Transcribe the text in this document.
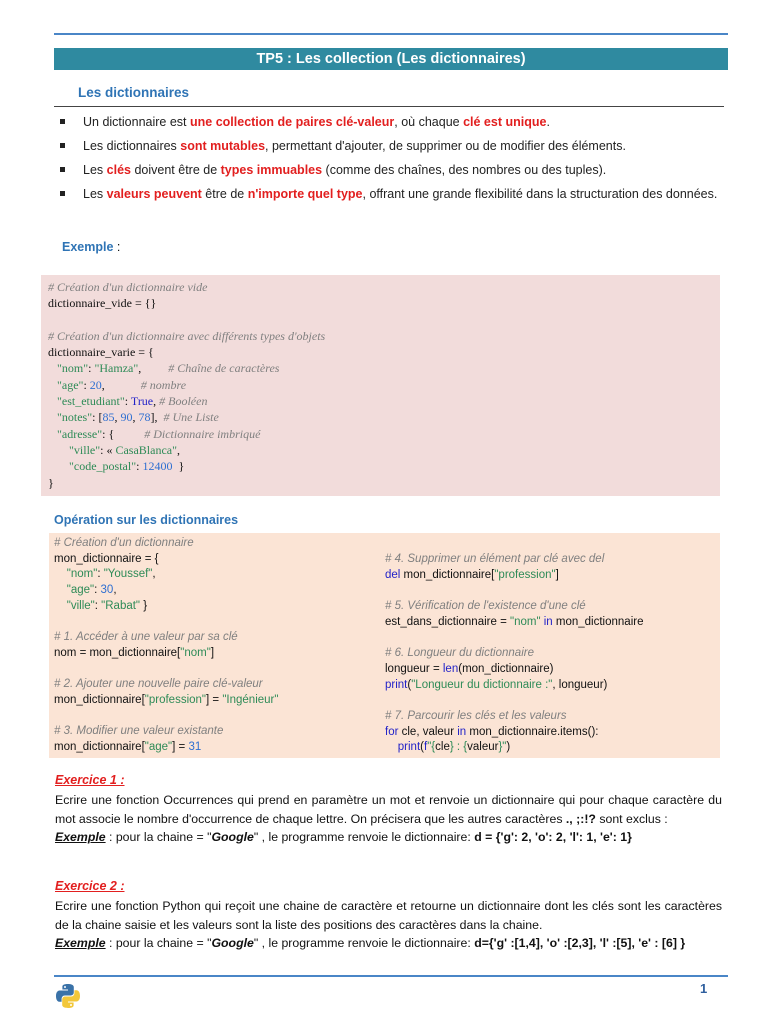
TP5 : Les collection (Les dictionnaires)
Les dictionnaires
Un dictionnaire est une collection de paires clé-valeur, où chaque clé est unique.
Les dictionnaires sont mutables, permettant d'ajouter, de supprimer ou de modifier des éléments.
Les clés doivent être de types immuables (comme des chaînes, des nombres ou des tuples).
Les valeurs peuvent être de n'importe quel type, offrant une grande flexibilité dans la structuration des données.
Exemple :
# Création d'un dictionnaire vide
dictionnaire_vide = {}
# Création d'un dictionnaire avec différents types d'objets
dictionnaire_varie = {
"nom": "Hamza",         # Chaîne de caractères
"age": 20,            # nombre
"est_etudiant": True, # Booléen
"notes": [85, 90, 78],  # Une Liste
"adresse": {          # Dictionnaire imbriqué
"ville": « CasaBlanca",
"code_postal": 12400  }
}
Opération sur les dictionnaires
# Création d'un dictionnaire
mon_dictionnaire = {
"nom": "Youssef",
"age": 30,
"ville": "Rabat" }
# 1. Accéder à une valeur par sa clé
nom = mon_dictionnaire["nom"]
# 2. Ajouter une nouvelle paire clé-valeur
mon_dictionnaire["profession"] = "Ingénieur"
# 3. Modifier une valeur existante
mon_dictionnaire["age"] = 31
# 4. Supprimer un élément par clé avec del
del mon_dictionnaire["profession"]
# 5. Vérification de l'existence d'une clé
est_dans_dictionnaire = "nom" in mon_dictionnaire
# 6. Longueur du dictionnaire
longueur = len(mon_dictionnaire)
print("Longueur du dictionnaire :", longueur)
# 7. Parcourir les clés et les valeurs
for cle, valeur in mon_dictionnaire.items():
print(f"{cle} : {valeur}")
Exercice 1 :
Ecrire une fonction Occurrences qui prend en paramètre un mot et renvoie un dictionnaire qui pour chaque caractère du mot associe le nombre d'occurrence de chaque lettre. On précisera que les autres caractères ., ;:!? sont exclus :
Exemple : pour la chaine = "Google" , le programme renvoie le dictionnaire: d = {'g': 2, 'o': 2, 'l': 1, 'e': 1}
Exercice 2 :
Ecrire une fonction Python qui reçoit une chaine de caractère et retourne un dictionnaire dont les clés sont les caractères de la chaine saisie et les valeurs sont la liste des positions des caractères dans la chaine.
Exemple : pour la chaine = "Google" , le programme renvoie le dictionnaire: d={'g' :[1,4], 'o' :[2,3], 'l' :[5], 'e' : [6] }
1
